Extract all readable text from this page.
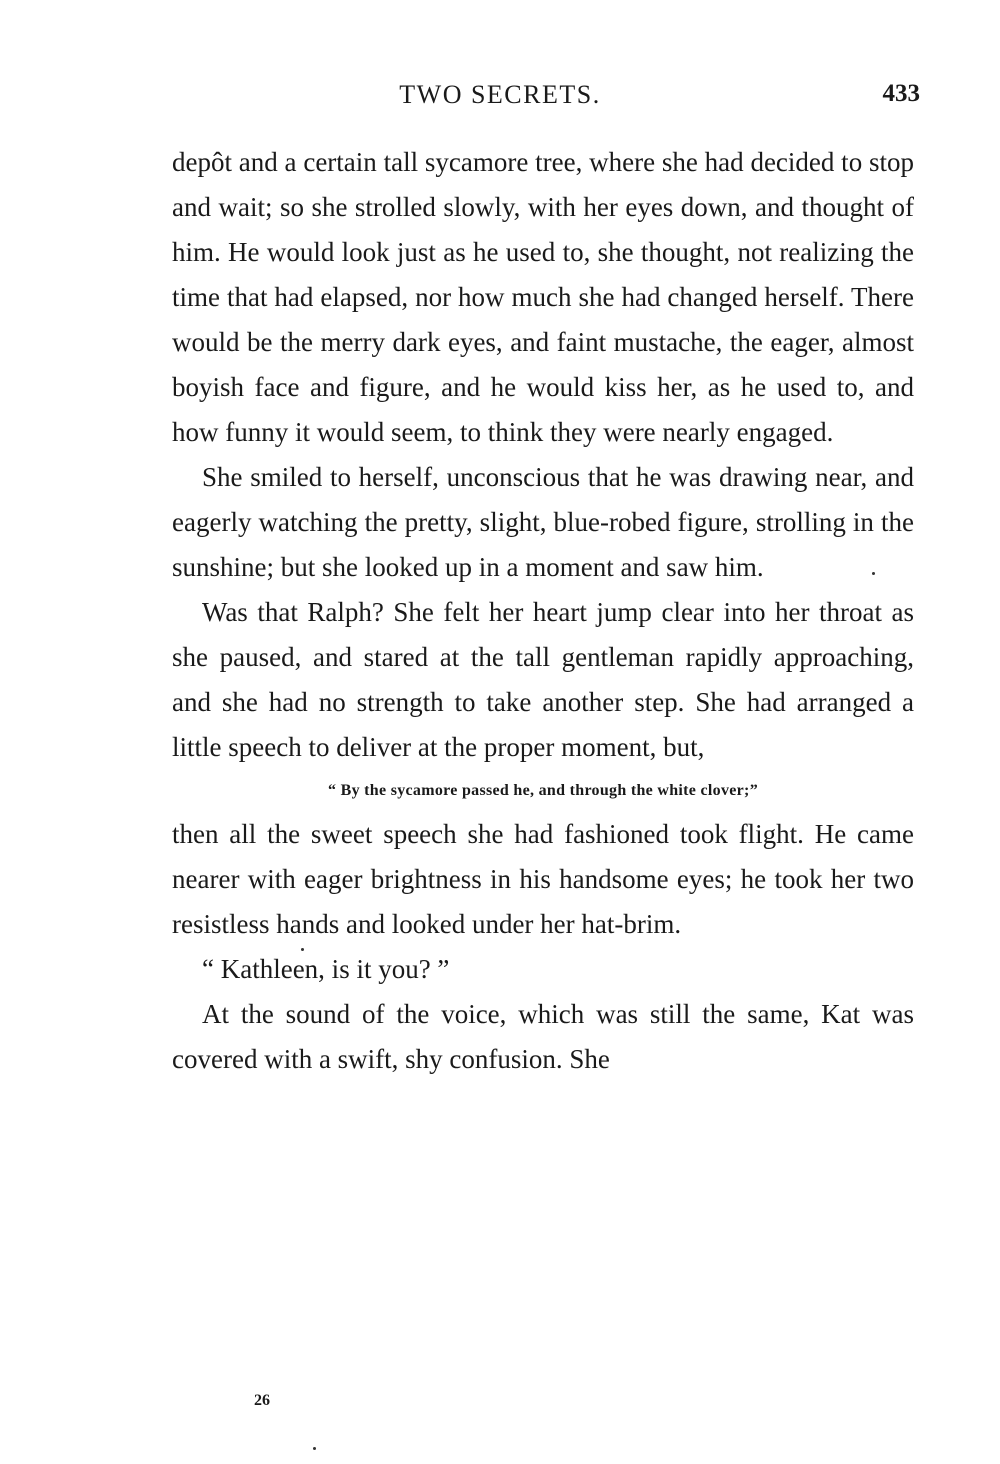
TWO SECRETS.	433

depôt and a certain tall sycamore tree, where she had decided to stop and wait; so she strolled slowly, with her eyes down, and thought of him. He would look just as he used to, she thought, not realizing the time that had elapsed, nor how much she had changed herself. There would be the merry dark eyes, and faint mustache, the eager, almost boyish face and figure, and he would kiss her, as he used to, and how funny it would seem, to think they were nearly engaged.

She smiled to herself, unconscious that he was drawing near, and eagerly watching the pretty, slight, blue-robed figure, strolling in the sunshine; but she looked up in a moment and saw him.

Was that Ralph? She felt her heart jump clear into her throat as she paused, and stared at the tall gentleman rapidly approaching, and she had no strength to take another step. She had arranged a little speech to deliver at the proper moment, but,

“ By the sycamore passed he, and through the white clover;”

then all the sweet speech she had fashioned took flight. He came nearer with eager brightness in his handsome eyes; he took her two resistless hands and looked under her hat-brim.

“ Kathleen, is it you? ”

At the sound of the voice, which was still the same, Kat was covered with a swift, shy confusion. She

26
